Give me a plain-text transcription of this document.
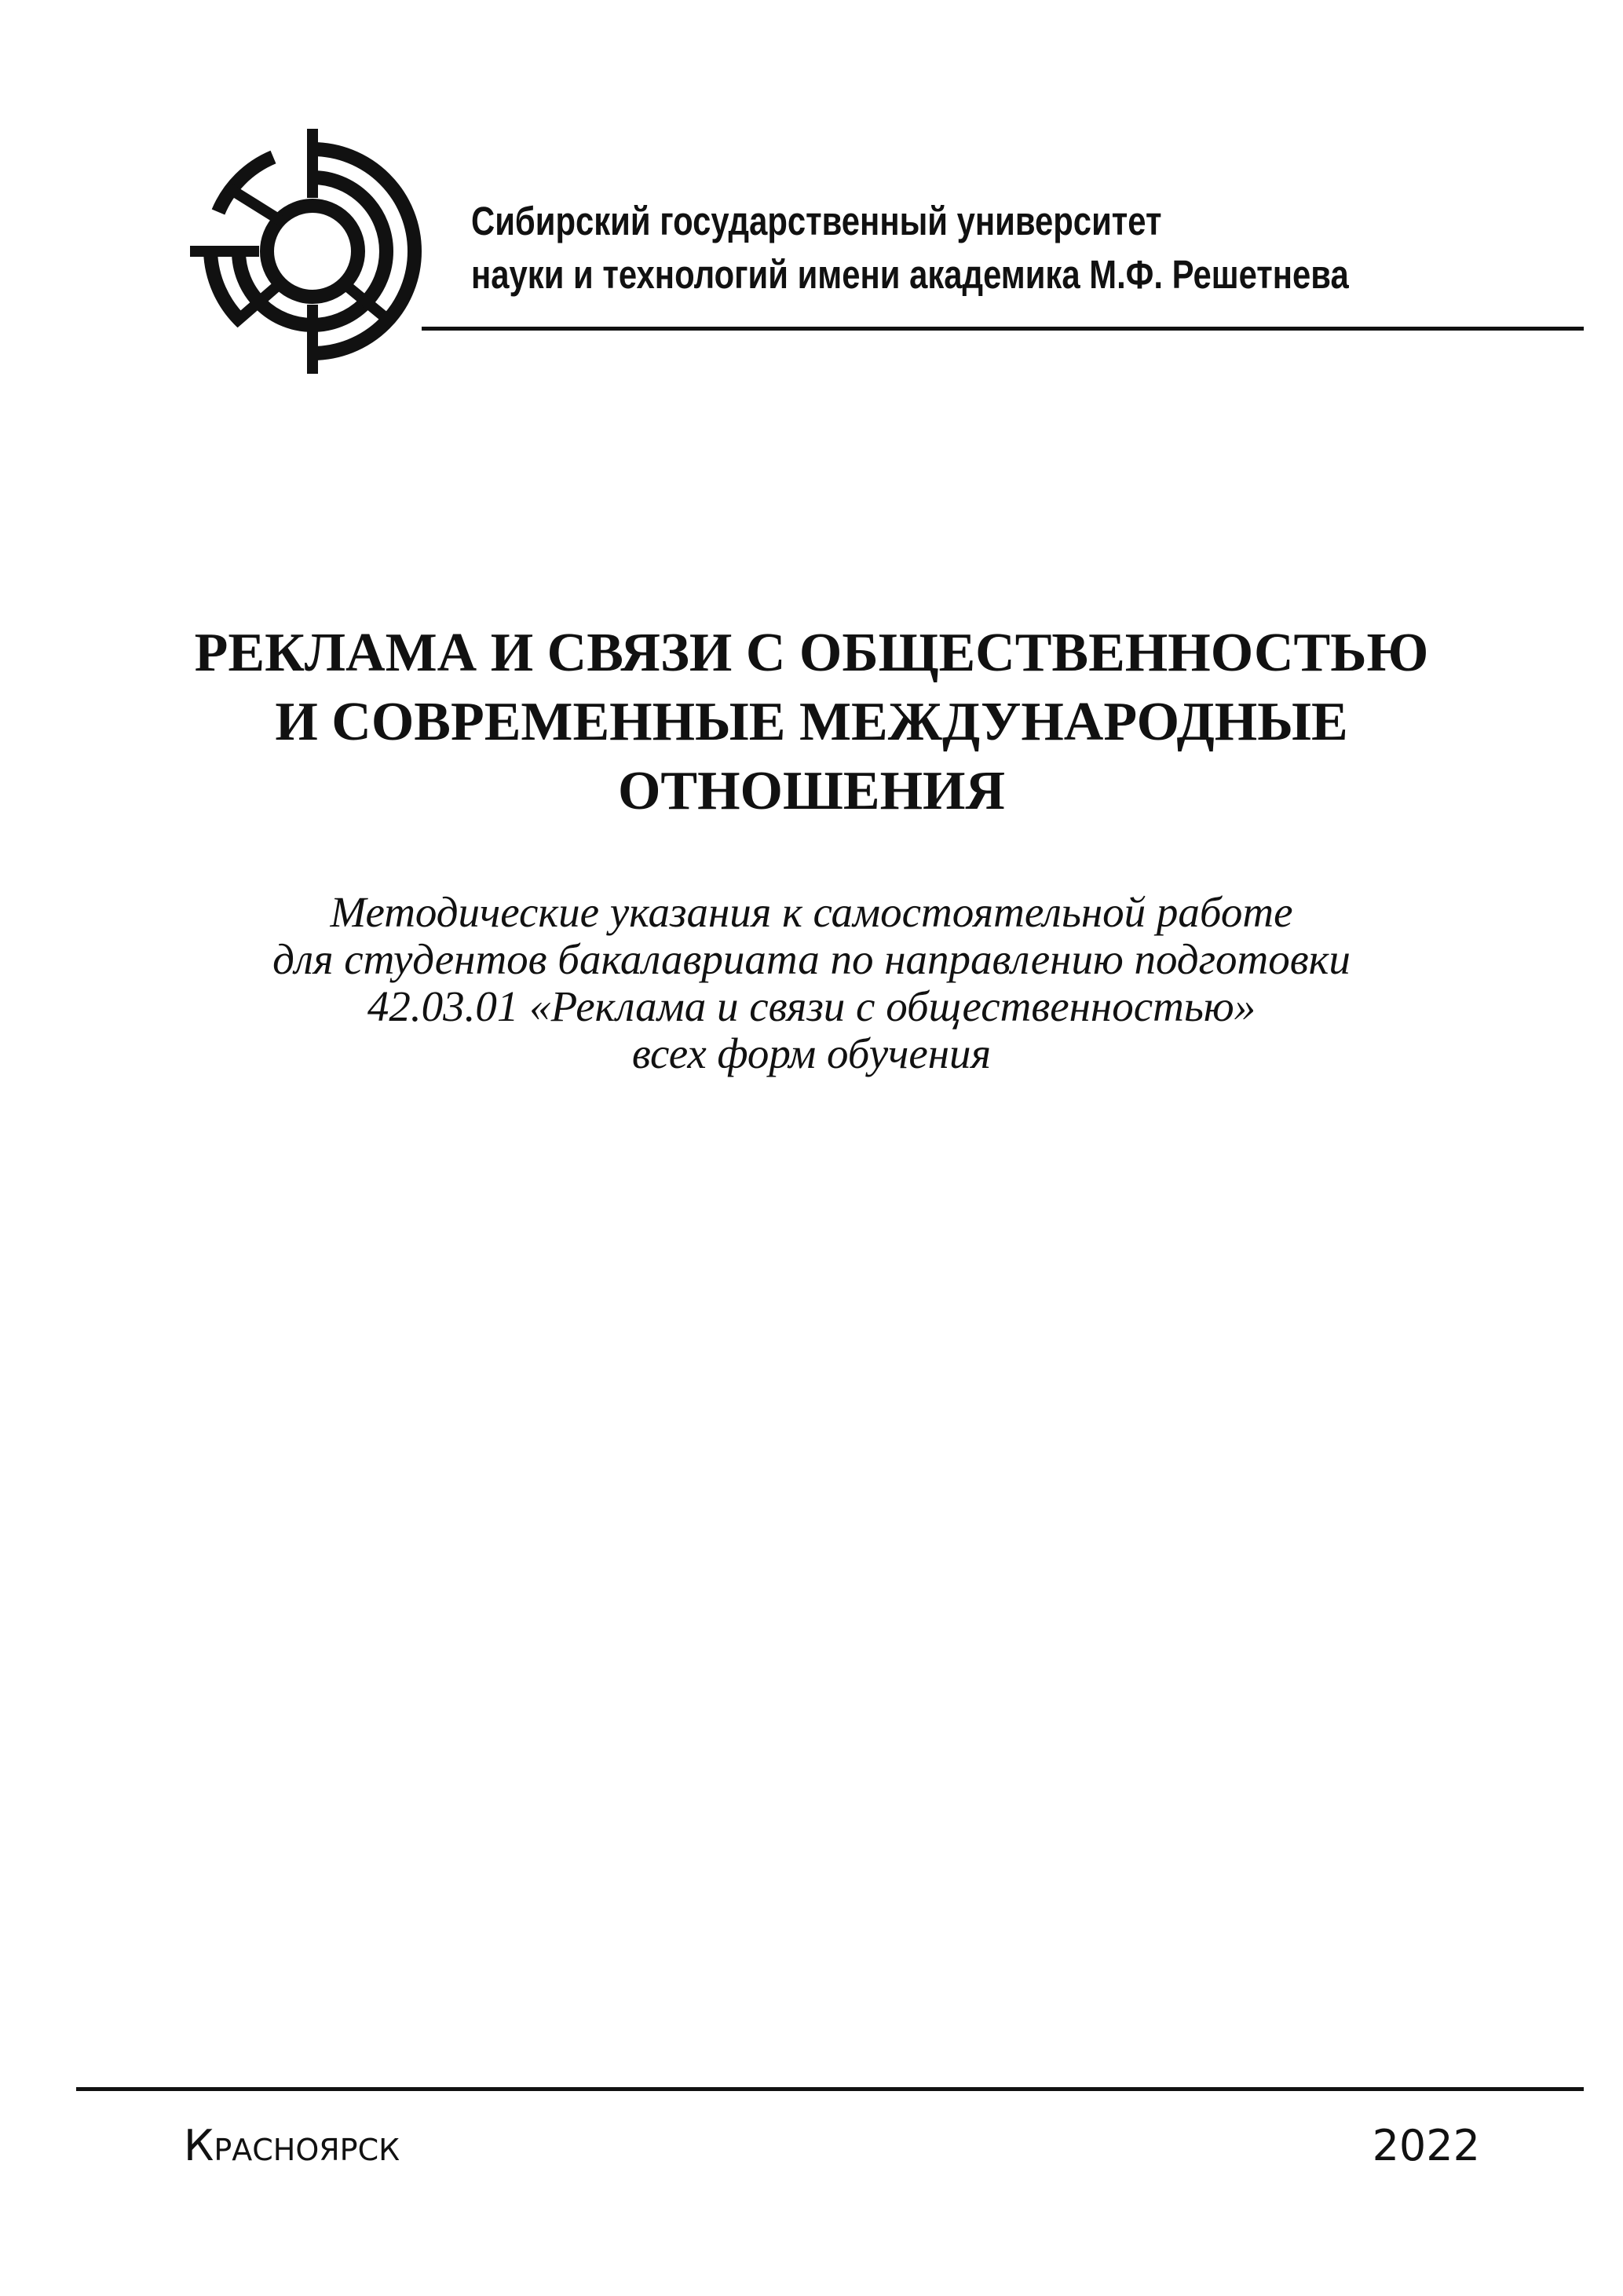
Сибирский государственный университет
науки и технологий имени академика М.Ф. Решетнева
РЕКЛАМА И СВЯЗИ С ОБЩЕСТВЕННОСТЬЮ
И СОВРЕМЕННЫЕ МЕЖДУНАРОДНЫЕ
ОТНОШЕНИЯ
Методические указания к самостоятельной работе
для студентов бакалавриата по направлению подготовки
42.03.01 «Реклама и связи с общественностью»
всех форм обучения
Красноярск	2022
